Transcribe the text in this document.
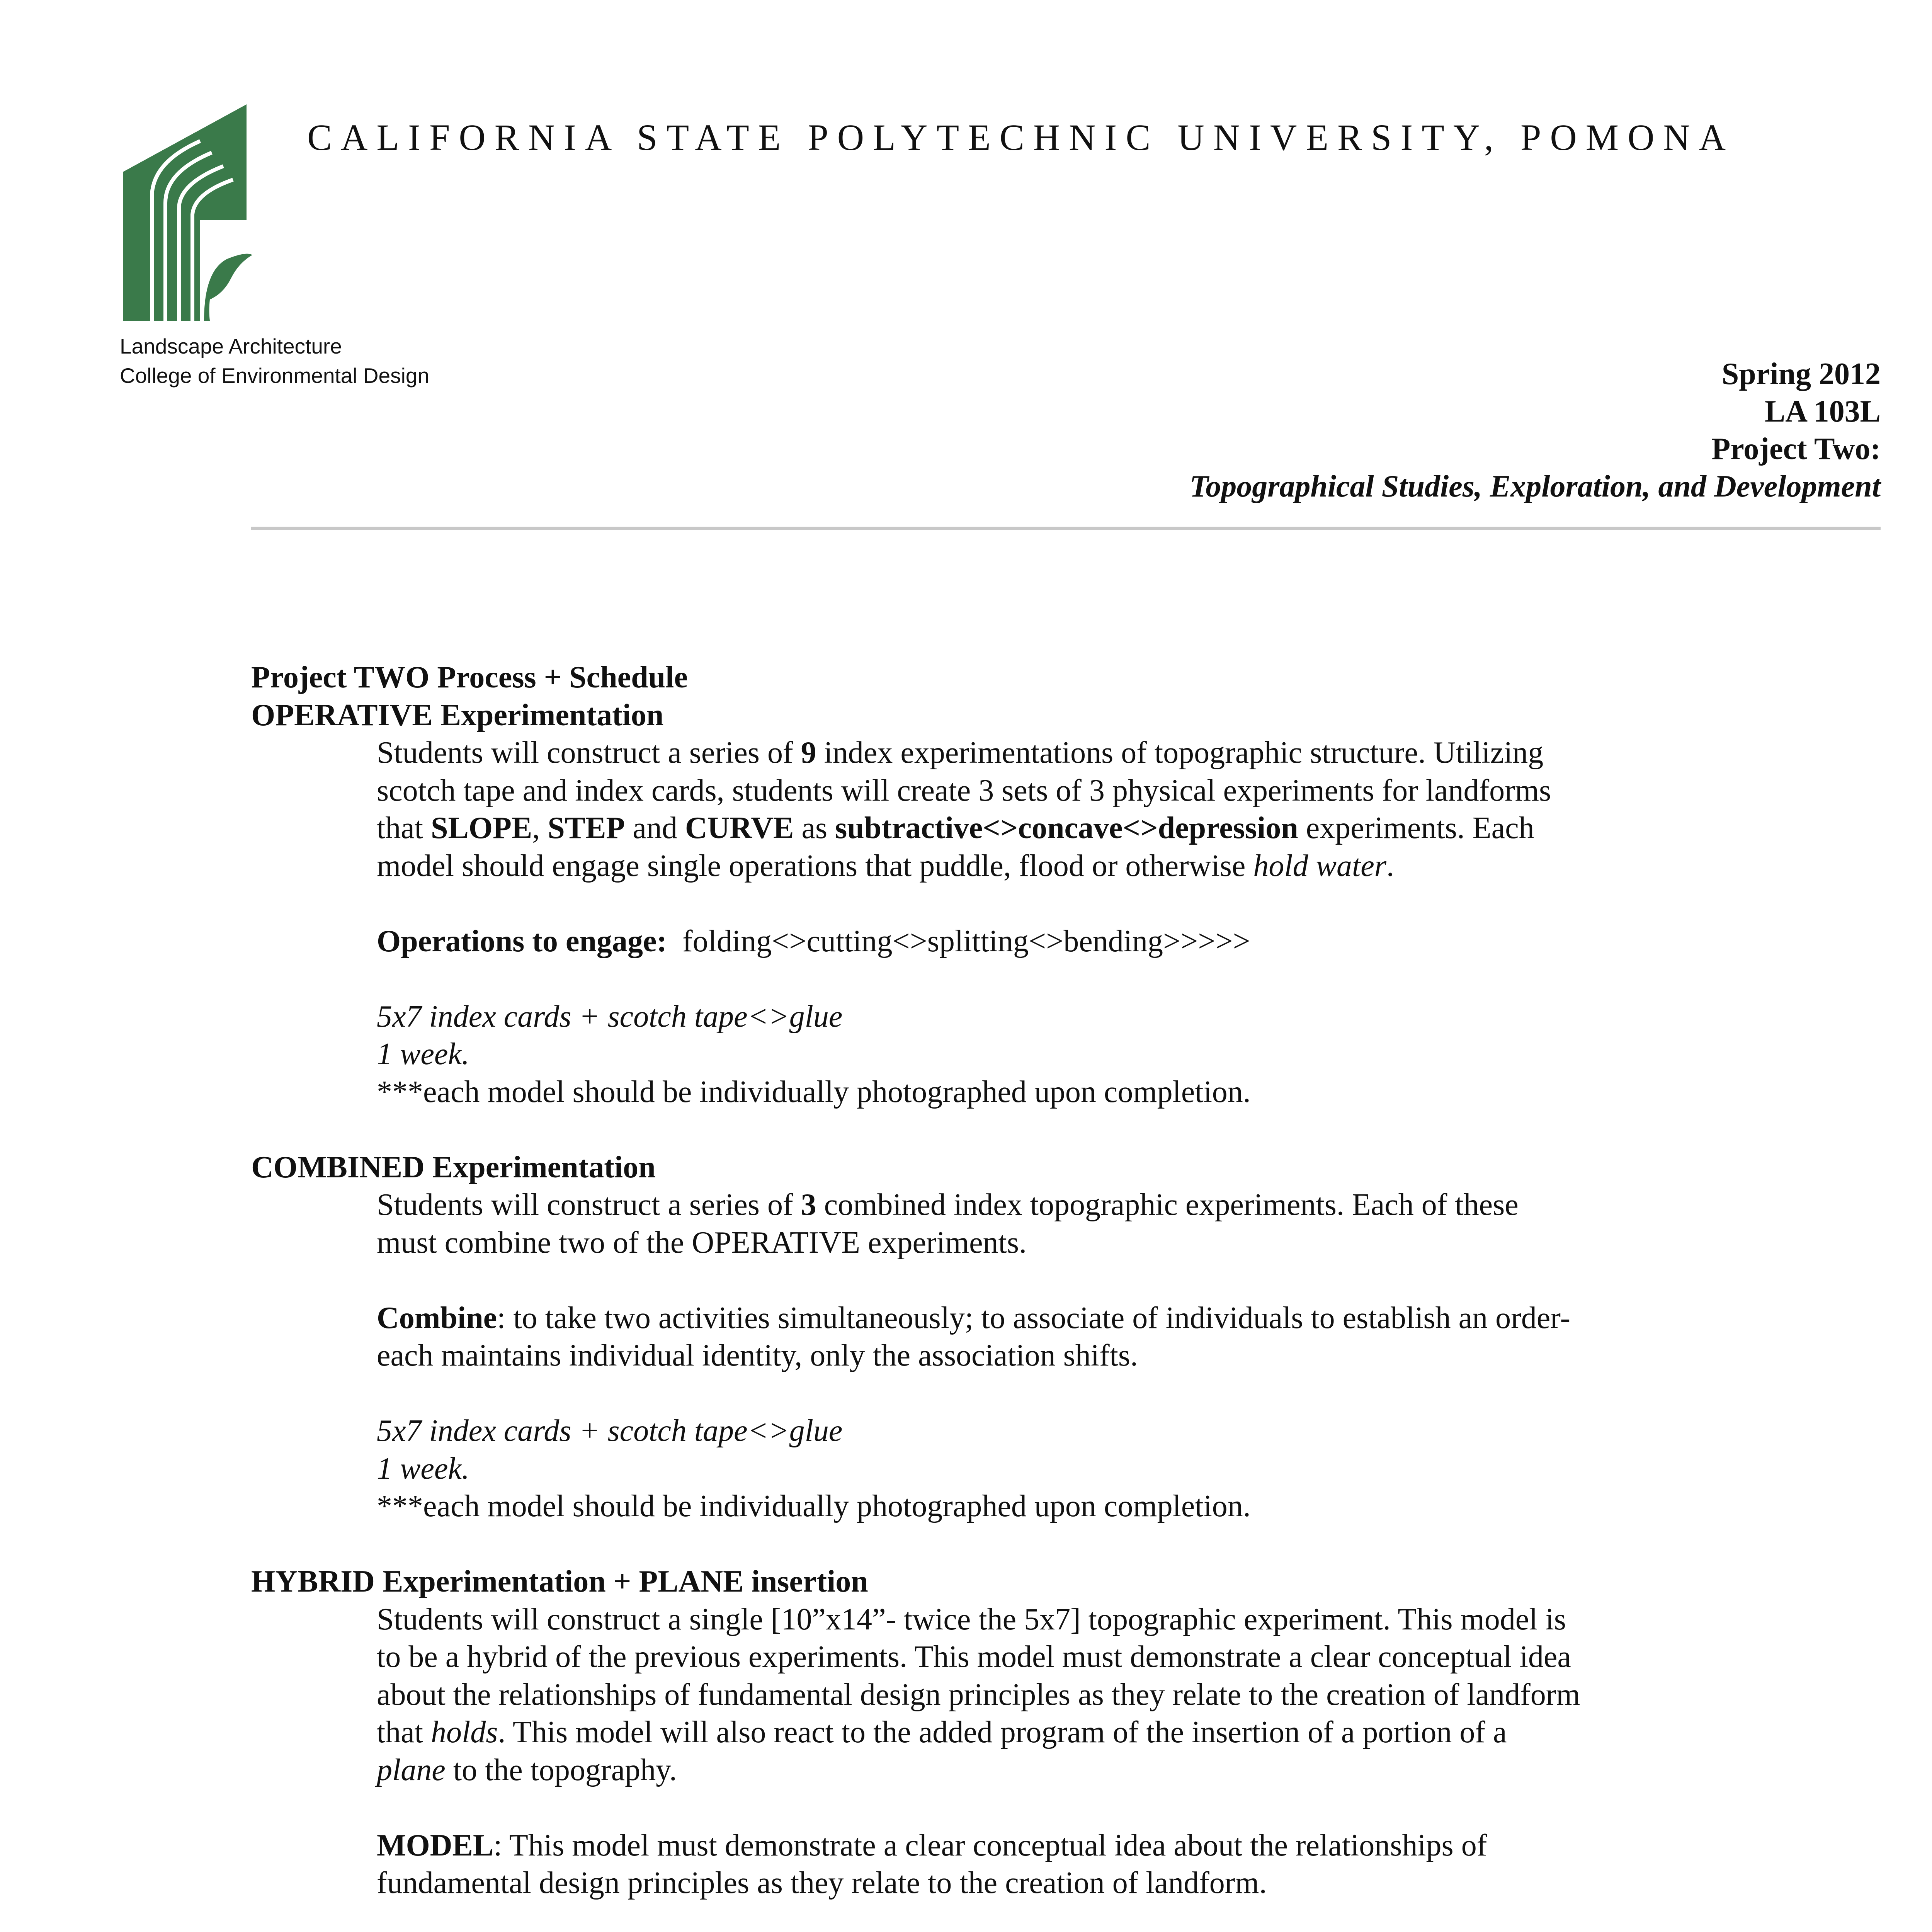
CALIFORNIA STATE POLYTECHNIC UNIVERSITY, POMONA
Landscape Architecture
College of Environmental Design	Spring 2012
LA 103L
Project Two:
Topographical Studies, Exploration, and Development
Project TWO Process + Schedule
OPERATIVE Experimentation
Students will construct a series of 9 index experimentations of topographic structure. Utilizing
scotch tape and index cards, students will create 3 sets of 3 physical experiments for landforms
that SLOPE, STEP and CURVE as subtractive<>concave<>depression experiments. Each
model should engage single operations that puddle, flood or otherwise hold water.
Operations to engage: folding<>cutting<>splitting<>bending>>>>>
5x7 index cards + scotch tape<>glue
1 week.
***each model should be individually photographed upon completion.
COMBINED Experimentation
Students will construct a series of 3 combined index topographic experiments. Each of these
must combine two of the OPERATIVE experiments.
Combine: to take two activities simultaneously; to associate of individuals to establish an order-
each maintains individual identity, only the association shifts.
5x7 index cards + scotch tape<>glue
1 week.
***each model should be individually photographed upon completion.
HYBRID Experimentation + PLANE insertion
Students will construct a single [10”x14”- twice the 5x7] topographic experiment. This model is
to be a hybrid of the previous experiments. This model must demonstrate a clear conceptual idea
about the relationships of fundamental design principles as they relate to the creation of landform
that holds. This model will also react to the added program of the insertion of a portion of a
plane to the topography.
MODEL: This model must demonstrate a clear conceptual idea about the relationships of
fundamental design principles as they relate to the creation of landform.
